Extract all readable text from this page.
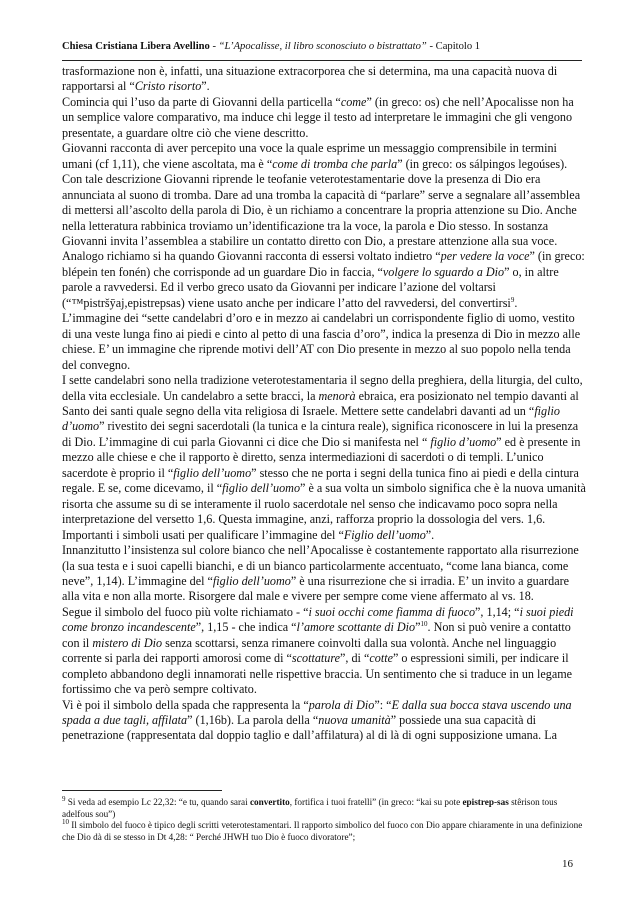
Chiesa Cristiana Libera Avellino - “L’Apocalisse, il libro sconosciuto o bistrattato” - Capitolo 1

trasformazione non è, infatti, una situazione extracorporea che si determina, ma una capacità nuova di rapportarsi al “Cristo risorto”.

Comincia qui l’uso da parte di Giovanni della particella “come” (in greco: os) che nell’Apocalisse non ha un semplice valore comparativo, ma induce chi legge il testo ad interpretare le immagini che gli vengono presentate, a guardare oltre ciò che viene descritto.

Giovanni racconta di aver percepito una voce la quale esprime un messaggio comprensibile in termini umani (cf 1,11), che viene ascoltata, ma è “come di tromba che parla” (in greco: os sálpingos legoúses). Con tale descrizione Giovanni riprende le teofanie veterotestamentarie dove la presenza di Dio era annunciata al suono di tromba. Dare ad una tromba la capacità di “parlare” serve a segnalare all’assemblea di mettersi all’ascolto della parola di Dio, è un richiamo a concentrare la propria attenzione su Dio. Anche nella letteratura rabbinica troviamo un’identificazione tra la voce, la parola e Dio stesso. In sostanza Giovanni invita l’assemblea a stabilire un contatto diretto con Dio, a prestare attenzione alla sua voce.

Analogo richiamo si ha quando Giovanni racconta di essersi voltato indietro “per vedere la voce” (in greco: blépein ten fonén) che corrisponde ad un guardare Dio in faccia, “volgere lo sguardo a Dio” o, in altre parole a ravvedersi. Ed il verbo greco usato da Giovanni per indicare l’azione del voltarsi (“™pistršȳaj,epistrepsas) viene usato anche per indicare l’atto del ravvedersi, del convertirsi$^9$.

L’immagine dei “sette candelabri d’oro e in mezzo ai candelabri un corrispondente figlio di uomo, vestito di una veste lunga fino ai piedi e cinto al petto di una fascia d’oro”, indica la presenza di Dio in mezzo alle chiese. E’ un immagine che riprende motivi dell’AT con Dio presente in mezzo al suo popolo nella tenda del convegno.

I sette candelabri sono nella tradizione veterotestamentaria il segno della preghiera, della liturgia, del culto, della vita ecclesiale. Un candelabro a sette bracci, la menorà ebraica, era posizionato nel tempio davanti al Santo dei santi quale segno della vita religiosa di Israele. Mettere sette candelabri davanti ad un “figlio d’uomo” rivestito dei segni sacerdotali (la tunica e la cintura reale), significa riconoscere in lui la presenza di Dio. L’immagine di cui parla Giovanni ci dice che Dio si manifesta nel “ figlio d’uomo” ed è presente in mezzo alle chiese e che il rapporto è diretto, senza intermediazioni di sacerdoti o di templi. L’unico sacerdote è proprio il “figlio dell’uomo” stesso che ne porta i segni della tunica fino ai piedi e della cintura regale. E se, come dicevamo, il “figlio dell’uomo” è a sua volta un simbolo significa che è la nuova umanità risorta che assume su di se interamente il ruolo sacerdotale nel senso che indicavamo poco sopra nella interpretazione del versetto 1,6. Questa immagine, anzi, rafforza proprio la dossologia del vers. 1,6.

Importanti i simboli usati per qualificare l’immagine del “Figlio dell’uomo”.

Innanzitutto l’insistenza sul colore bianco che nell’Apocalisse è costantemente rapportato alla risurrezione (la sua testa e i suoi capelli bianchi, e di un bianco particolarmente accentuato, “come lana bianca, come neve”, 1,14). L’immagine del “figlio dell’uomo” è una risurrezione che si irradia. E’ un invito a guardare alla vita e non alla morte. Risorgere dal male e vivere per sempre come viene affermato al vs. 18.

Segue il simbolo del fuoco più volte richiamato - “i suoi occhi come fiamma di fuoco”, 1,14; “i suoi piedi come bronzo incandescente”, 1,15 - che indica “l’amore scottante di Dio”$^{10}$. Non si può venire a contatto con il mistero di Dio senza scottarsi, senza rimanere coinvolti dalla sua volontà. Anche nel linguaggio corrente si parla dei rapporti amorosi come di “scottature”, di “cotte” o espressioni simili, per indicare il completo abbandono degli innamorati nelle rispettive braccia. Un sentimento che si traduce in un legame fortissimo che va però sempre coltivato.

Vi è poi il simbolo della spada che rappresenta la “parola di Dio”: “E dalla sua bocca stava uscendo una spada a due tagli, affilata” (1,16b). La parola della “nuova umanità” possiede una sua capacità di penetrazione (rappresentata dal doppio taglio e dall’affilatura) al di là di ogni supposizione umana. La

$^9$ Si veda ad esempio Lc 22,32: “e tu, quando sarai convertito, fortifica i tuoi fratelli” (in greco: “kai su pote epistrep-sas stêrison tous adelfous sou”)

$^{10}$ Il simbolo del fuoco è tipico degli scritti veterotestamentari. Il rapporto simbolico del fuoco con Dio appare chiaramente in una definizione che Dio dà di se stesso in Dt 4,28: “ Perché JHWH tuo Dio è fuoco divoratore”;

16
